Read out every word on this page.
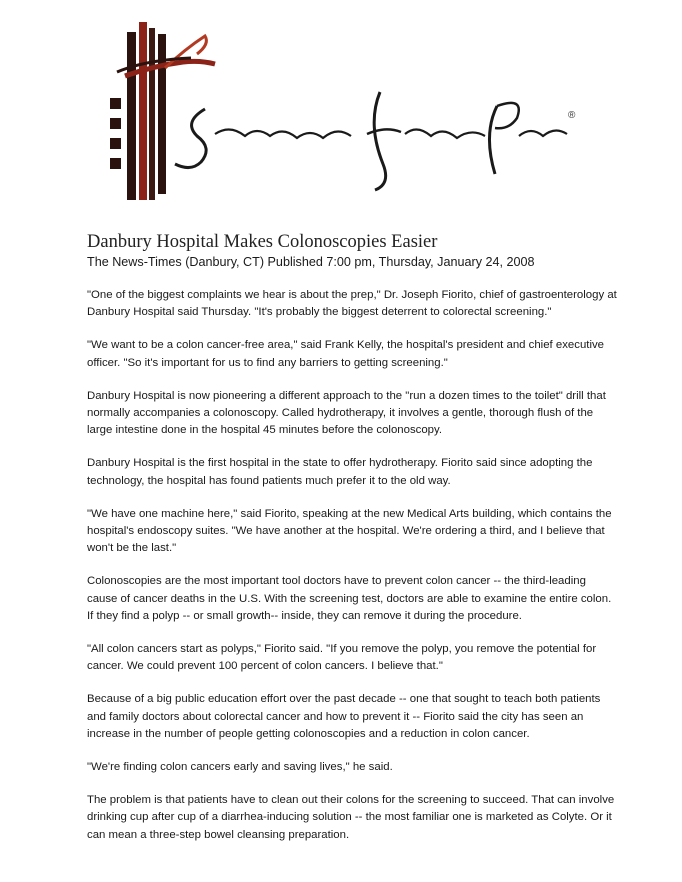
®
Danbury Hospital Makes Colonoscopies Easier

The News-Times (Danbury, CT) Published 7:00 pm, Thursday, January 24, 2008

"One of the biggest complaints we hear is about the prep," Dr. Joseph Fiorito, chief of gastroenterology at Danbury Hospital said Thursday. "It's probably the biggest deterrent to colorectal screening."

"We want to be a colon cancer-free area," said Frank Kelly, the hospital's president and chief executive officer. "So it's important for us to find any barriers to getting screening."

Danbury Hospital is now pioneering a different approach to the "run a dozen times to the toilet" drill that normally accompanies a colonoscopy. Called hydrotherapy, it involves a gentle, thorough flush of the large intestine done in the hospital 45 minutes before the colonoscopy.

Danbury Hospital is the first hospital in the state to offer hydrotherapy. Fiorito said since adopting the technology, the hospital has found patients much prefer it to the old way.

"We have one machine here," said Fiorito, speaking at the new Medical Arts building, which contains the hospital's endoscopy suites. "We have another at the hospital. We're ordering a third, and I believe that won't be the last."

Colonoscopies are the most important tool doctors have to prevent colon cancer -- the third-leading cause of cancer deaths in the U.S. With the screening test, doctors are able to examine the entire colon. If they find a polyp -- or small growth-- inside, they can remove it during the procedure.

"All colon cancers start as polyps," Fiorito said. "If you remove the polyp, you remove the potential for cancer. We could prevent 100 percent of colon cancers. I believe that."

Because of a big public education effort over the past decade -- one that sought to teach both patients and family doctors about colorectal cancer and how to prevent it -- Fiorito said the city has seen an increase in the number of people getting colonoscopies and a reduction in colon cancer.

"We're finding colon cancers early and saving lives," he said.

The problem is that patients have to clean out their colons for the screening to succeed. That can involve drinking cup after cup of a diarrhea-inducing solution -- the most familiar one is marketed as Colyte. Or it can mean a three-step bowel cleansing preparation.
